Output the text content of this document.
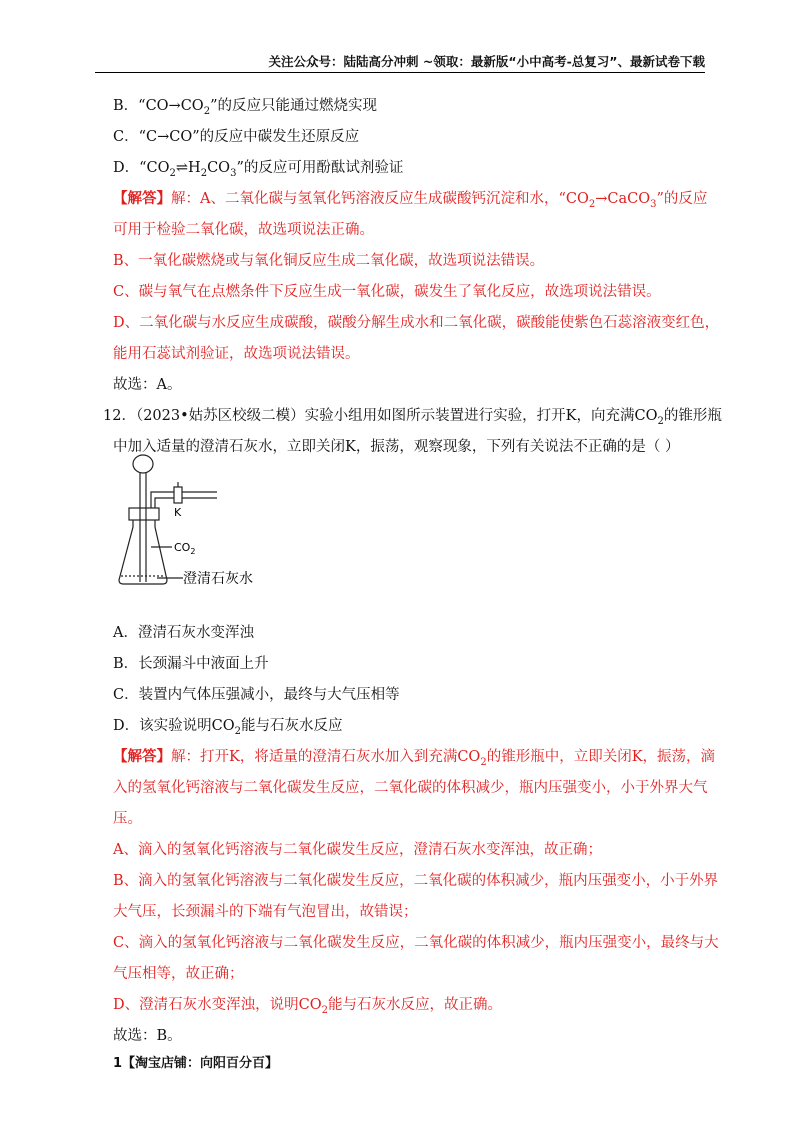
关注公众号：陆陆高分冲刺 ~领取：最新版“小中高考-总复习”、最新试卷下载
B．“$CO\to CO_2$”的反应只能通过燃烧实现
C．“C→CO”的反应中碳发生还原反应
D．“$CO_2\rightleftharpoons H_2CO_3$”的反应可用酚酞试剂验证
【解答】解：A、二氧化碳与氢氧化钙溶液反应生成碳酸钙沉淀和水，“$CO_2\to CaCO_3$”的反应
可用于检验二氧化碳，故选项说法正确。
B、一氧化碳燃烧或与氧化铜反应生成二氧化碳，故选项说法错误。
C、碳与氧气在点燃条件下反应生成一氧化碳，碳发生了氧化反应，故选项说法错误。
D、二氧化碳与水反应生成碳酸，碳酸分解生成水和二氧化碳，碳酸能使紫色石蕊溶液变红色，
能用石蕊试剂验证，故选项说法错误。
故选：A。
12．（2023•姑苏区校级二模）实验小组用如图所示装置进行实验，打开K，向充满$CO_2$的锥形瓶
中加入适量的澄清石灰水，立即关闭K，振荡，观察现象，下列有关说法不正确的是（ ）
A．澄清石灰水变浑浊
B．长颈漏斗中液面上升
C．装置内气体压强减小，最终与大气压相等
D．该实验说明$CO_2$能与石灰水反应
【解答】解：打开K，将适量的澄清石灰水加入到充满$CO_2$的锥形瓶中，立即关闭K，振荡，滴
入的氢氧化钙溶液与二氧化碳发生反应，二氧化碳的体积减少，瓶内压强变小，小于外界大气
压。
A、滴入的氢氧化钙溶液与二氧化碳发生反应，澄清石灰水变浑浊，故正确；
B、滴入的氢氧化钙溶液与二氧化碳发生反应，二氧化碳的体积减少，瓶内压强变小，小于外界
大气压，长颈漏斗的下端有气泡冒出，故错误；
C、滴入的氢氧化钙溶液与二氧化碳发生反应，二氧化碳的体积减少，瓶内压强变小，最终与大
气压相等，故正确；
D、澄清石灰水变浑浊，说明$CO_2$能与石灰水反应，故正确。
故选：B。
K
$CO_2$
澄清石灰水
1【淘宝店铺：向阳百分百】
